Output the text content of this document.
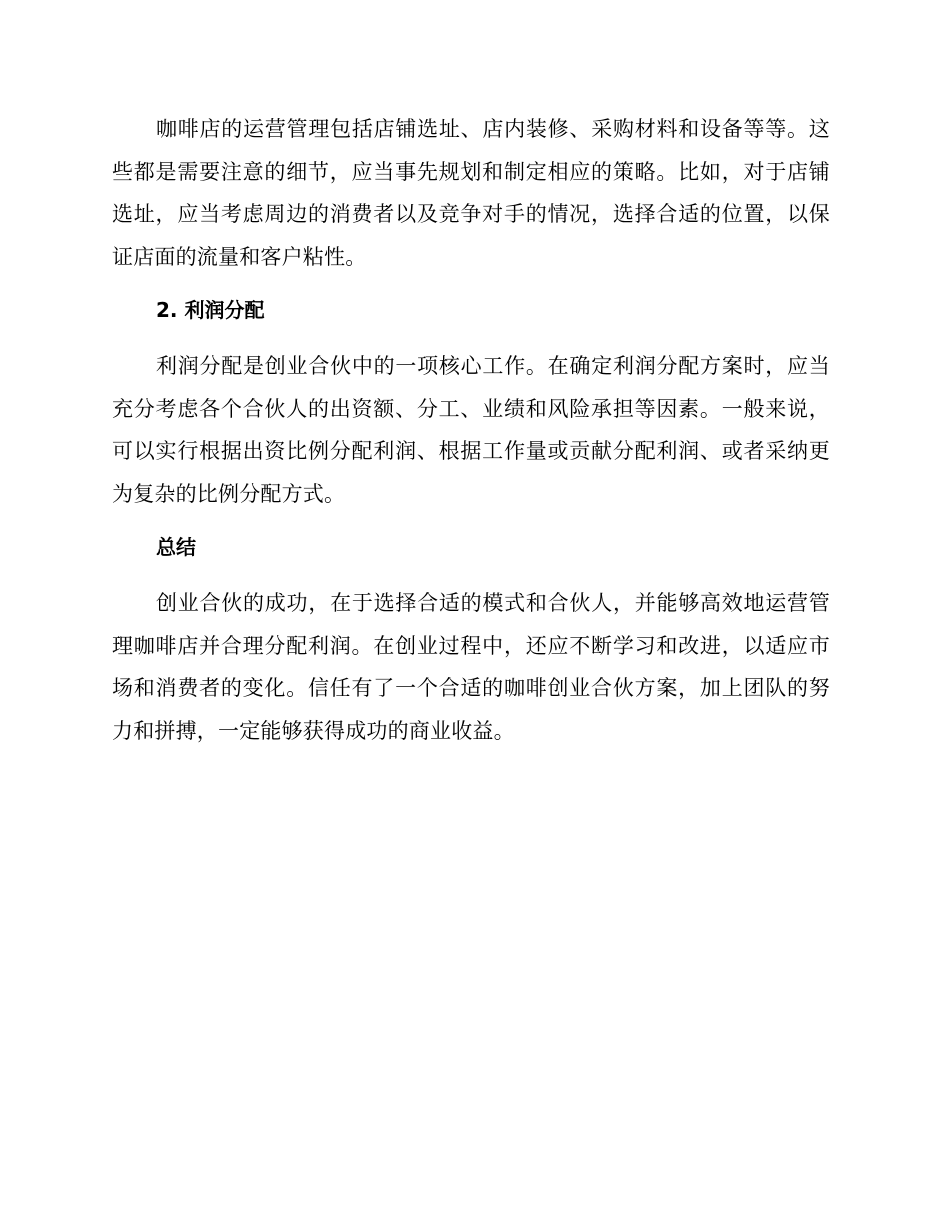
咖啡店的运营管理包括店铺选址、店内装修、采购材料和设备等等。这些都是需要注意的细节，应当事先规划和制定相应的策略。比如，对于店铺选址，应当考虑周边的消费者以及竞争对手的情况，选择合适的位置，以保证店面的流量和客户粘性。

2. 利润分配

利润分配是创业合伙中的一项核心工作。在确定利润分配方案时，应当充分考虑各个合伙人的出资额、分工、业绩和风险承担等因素。一般来说，可以实行根据出资比例分配利润、根据工作量或贡献分配利润、或者采纳更为复杂的比例分配方式。

总结

创业合伙的成功，在于选择合适的模式和合伙人，并能够高效地运营管理咖啡店并合理分配利润。在创业过程中，还应不断学习和改进，以适应市场和消费者的变化。信任有了一个合适的咖啡创业合伙方案，加上团队的努力和拼搏，一定能够获得成功的商业收益。
